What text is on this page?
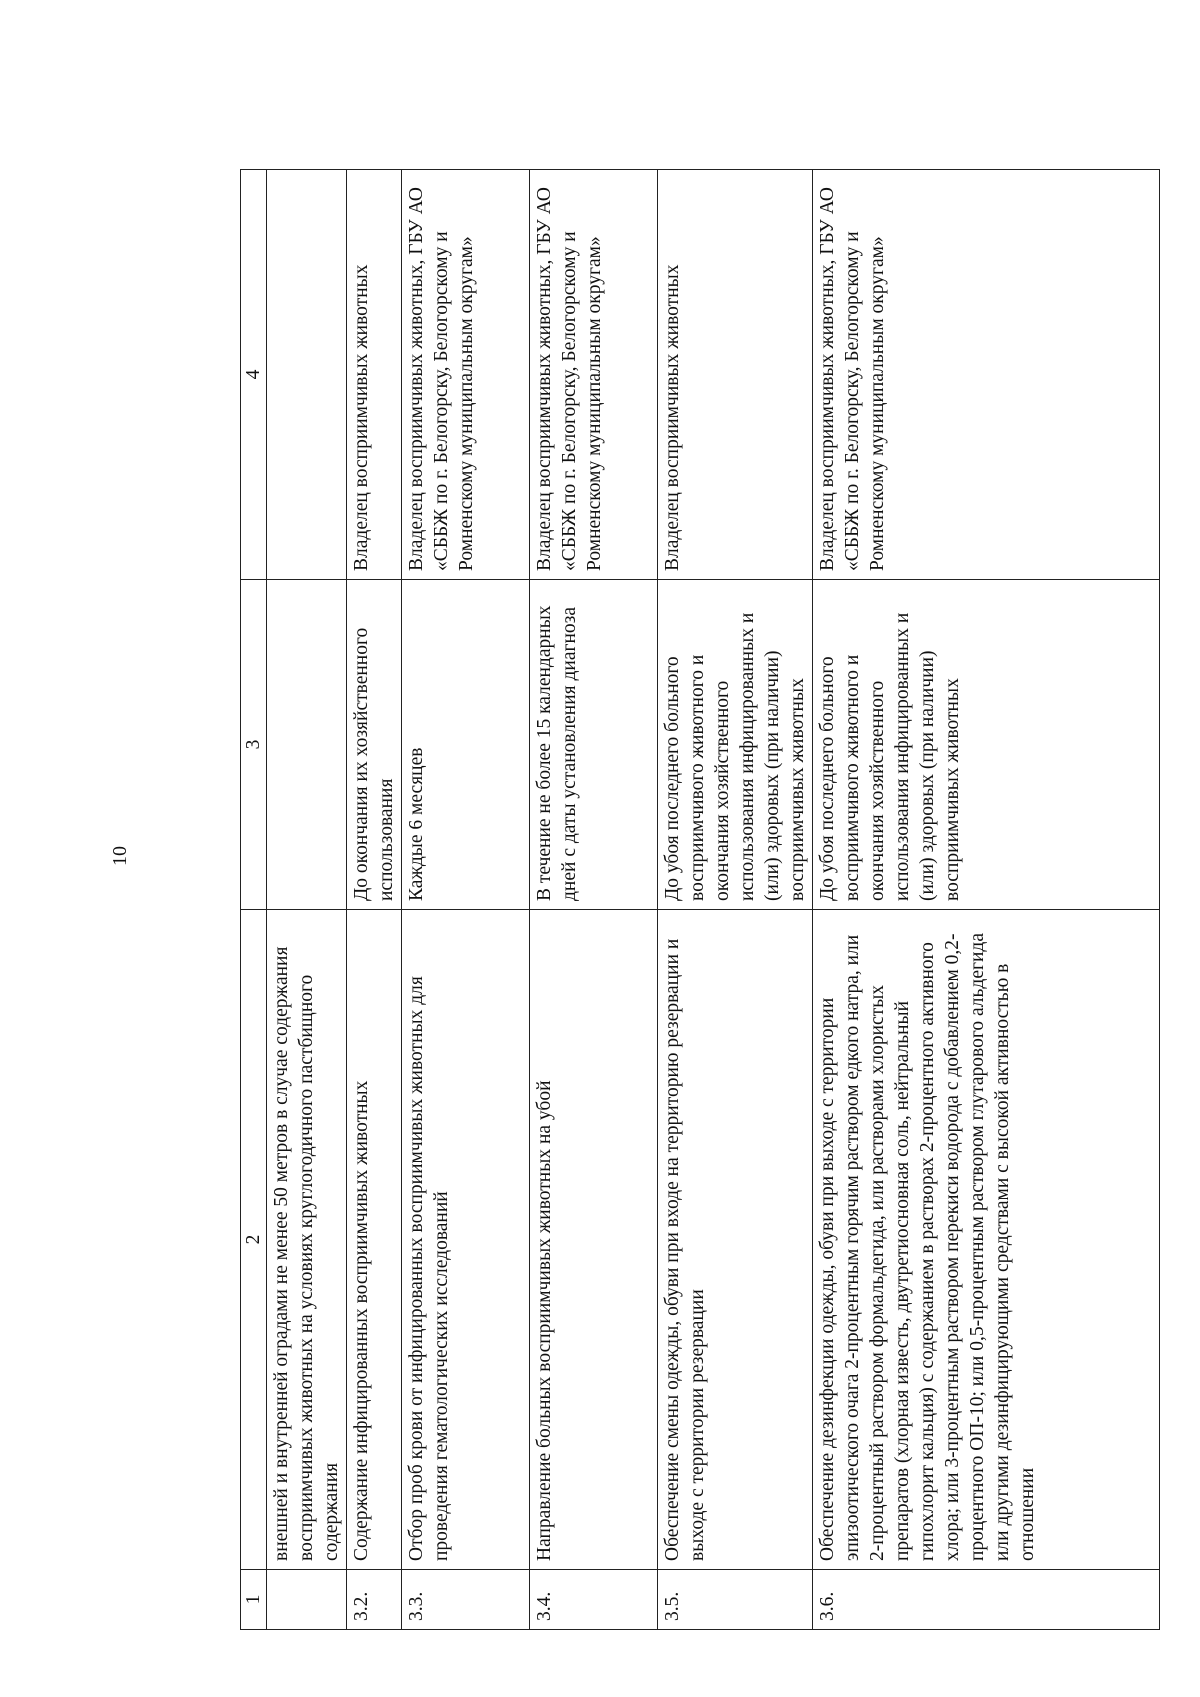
10
1	2	3	4
	внешней и внутренней оградами не менее 50 метров в случае содержания восприимчивых животных на условиях круглогодичного пастбищного содержания		
3.2.	Содержание инфицированных восприимчивых животных	До окончания их хозяйственного использования	Владелец восприимчивых животных
3.3.	Отбор проб крови от инфицированных восприимчивых животных для проведения гематологических исследований	Каждые 6 месяцев	Владелец восприимчивых животных, ГБУ АО «СББЖ по г. Белогорску, Белогорскому и Ромненскому муниципальным округам»
3.4.	Направление больных восприимчивых животных на убой	В течение не более 15 календарных дней с даты установления диагноза	Владелец восприимчивых животных, ГБУ АО «СББЖ по г. Белогорску, Белогорскому и Ромненскому муниципальным округам»
3.5.	Обеспечение смены одежды, обуви при входе на территорию резервации и выходе с территории резервации	До убоя последнего больного восприимчивого животного и окончания хозяйственного использования инфицированных и (или) здоровых (при наличии) восприимчивых животных	Владелец восприимчивых животных
3.6.	Обеспечение дезинфекции одежды, обуви при выходе с территории эпизоотического очага 2-процентным горячим раствором едкого натра, или 2-процентный раствором формальдегида, или растворами хлористых препаратов (хлорная известь, двутретиосновная соль, нейтральный гипохлорит кальция) с содержанием в растворах 2-процентного активного хлора; или 3-процентным раствором перекиси водорода с добавлением 0,2-процентного ОП-10; или 0,5-процентным раствором глутарового альдегида или другими дезинфицирующими средствами с высокой активностью в отношении	До убоя последнего больного восприимчивого животного и окончания хозяйственного использования инфицированных и (или) здоровых (при наличии) восприимчивых животных	Владелец восприимчивых животных, ГБУ АО «СББЖ по г. Белогорску, Белогорскому и Ромненскому муниципальным округам»
